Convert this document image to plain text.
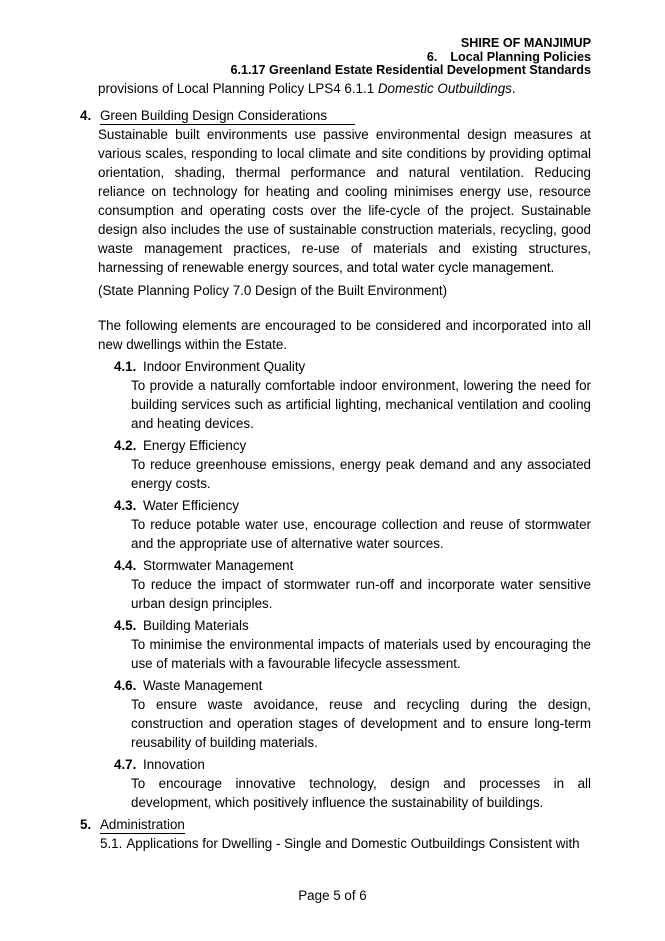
SHIRE OF MANJIMUP
6. Local Planning Policies
6.1.17 Greenland Estate Residential Development Standards
provisions of Local Planning Policy LPS4 6.1.1 Domestic Outbuildings.
4. Green Building Design Considerations
Sustainable built environments use passive environmental design measures at various scales, responding to local climate and site conditions by providing optimal orientation, shading, thermal performance and natural ventilation. Reducing reliance on technology for heating and cooling minimises energy use, resource consumption and operating costs over the life-cycle of the project. Sustainable design also includes the use of sustainable construction materials, recycling, good waste management practices, re-use of materials and existing structures, harnessing of renewable energy sources, and total water cycle management.
(State Planning Policy 7.0 Design of the Built Environment)
The following elements are encouraged to be considered and incorporated into all new dwellings within the Estate.
4.1. Indoor Environment Quality
To provide a naturally comfortable indoor environment, lowering the need for building services such as artificial lighting, mechanical ventilation and cooling and heating devices.
4.2. Energy Efficiency
To reduce greenhouse emissions, energy peak demand and any associated energy costs.
4.3. Water Efficiency
To reduce potable water use, encourage collection and reuse of stormwater and the appropriate use of alternative water sources.
4.4. Stormwater Management
To reduce the impact of stormwater run-off and incorporate water sensitive urban design principles.
4.5. Building Materials
To minimise the environmental impacts of materials used by encouraging the use of materials with a favourable lifecycle assessment.
4.6. Waste Management
To ensure waste avoidance, reuse and recycling during the design, construction and operation stages of development and to ensure long-term reusability of building materials.
4.7. Innovation
To encourage innovative technology, design and processes in all development, which positively influence the sustainability of buildings.
5. Administration
5.1. Applications for Dwelling - Single and Domestic Outbuildings Consistent with
Page 5 of 6
